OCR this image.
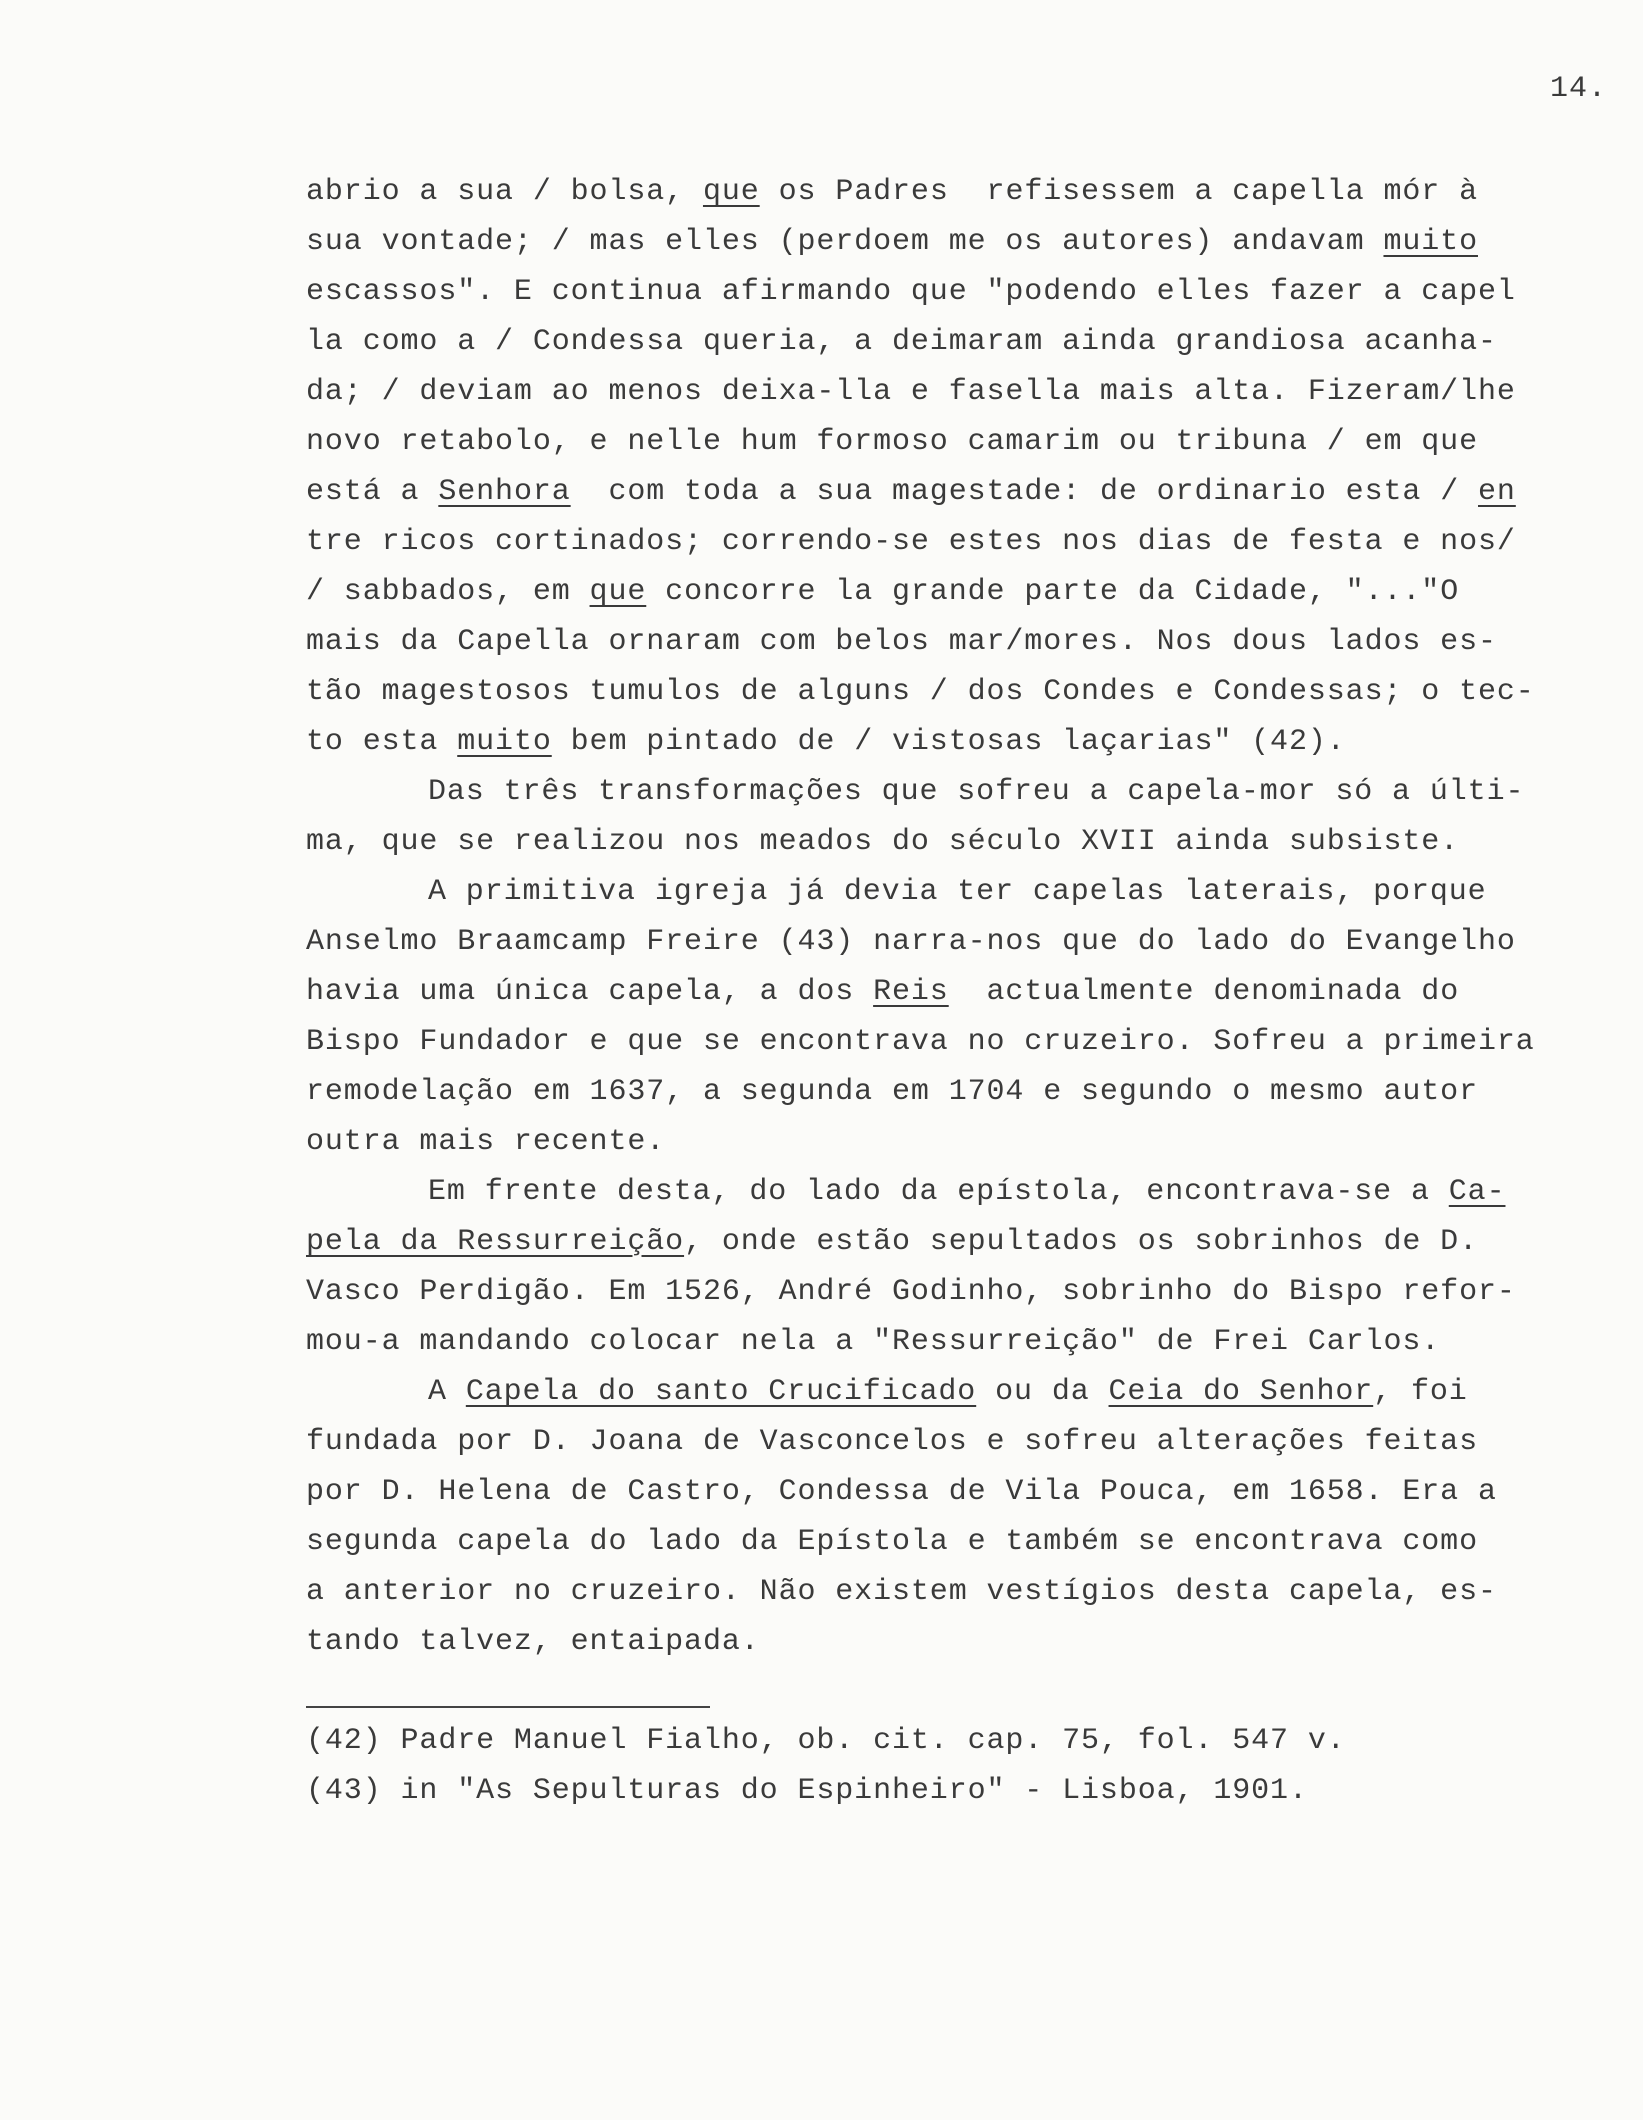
14.
abrio a sua / bolsa, que os Padres  refisessem a capella mór à
sua vontade; / mas elles (perdoem me os autores) andavam muito
escassos". E continua afirmando que "podendo elles fazer a capel
la como a / Condessa queria, a deimaram ainda grandiosa acanha-
da; / deviam ao menos deixa-lla e fasella mais alta. Fizeram/lhe
novo retabolo, e nelle hum formoso camarim ou tribuna / em que
está a Senhora  com toda a sua magestade: de ordinario esta / en
tre ricos cortinados; correndo-se estes nos dias de festa e nos/
/ sabbados, em que concorre la grande parte da Cidade, "..."O
mais da Capella ornaram com belos mar/mores. Nos dous lados es-
tão magestosos tumulos de alguns / dos Condes e Condessas; o tec-
to esta muito bem pintado de / vistosas laçarias" (42).
Das três transformações que sofreu a capela-mor só a últi-
ma, que se realizou nos meados do século XVII ainda subsiste.
A primitiva igreja já devia ter capelas laterais, porque
Anselmo Braamcamp Freire (43) narra-nos que do lado do Evangelho
havia uma única capela, a dos Reis  actualmente denominada do
Bispo Fundador e que se encontrava no cruzeiro. Sofreu a primeira
remodelação em 1637, a segunda em 1704 e segundo o mesmo autor
outra mais recente.
Em frente desta, do lado da epístola, encontrava-se a Ca-
pela da Ressurreição, onde estão sepultados os sobrinhos de D.
Vasco Perdigão. Em 1526, André Godinho, sobrinho do Bispo refor-
mou-a mandando colocar nela a "Ressurreição" de Frei Carlos.
A Capela do santo Crucificado ou da Ceia do Senhor, foi
fundada por D. Joana de Vasconcelos e sofreu alterações feitas
por D. Helena de Castro, Condessa de Vila Pouca, em 1658. Era a
segunda capela do lado da Epístola e também se encontrava como
a anterior no cruzeiro. Não existem vestígios desta capela, es-
tando talvez, entaipada.
(42) Padre Manuel Fialho, ob. cit. cap. 75, fol. 547 v.
(43) in "As Sepulturas do Espinheiro" - Lisboa, 1901.
